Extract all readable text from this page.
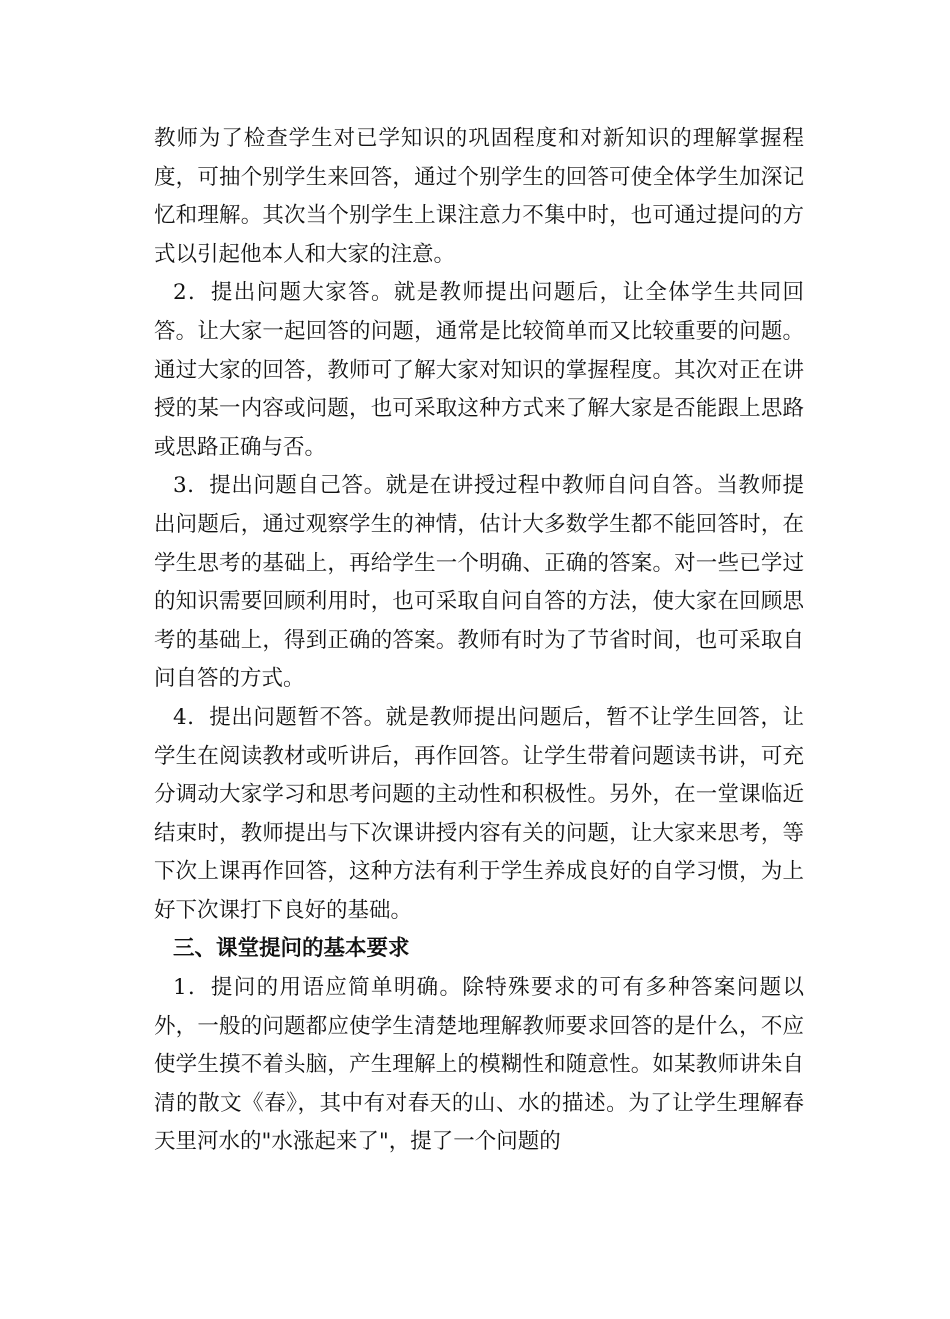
教师为了检查学生对已学知识的巩固程度和对新知识的理解掌握程度，可抽个别学生来回答，通过个别学生的回答可使全体学生加深记忆和理解。其次当个别学生上课注意力不集中时，也可通过提问的方式以引起他本人和大家的注意。

2．提出问题大家答。就是教师提出问题后，让全体学生共同回答。让大家一起回答的问题，通常是比较简单而又比较重要的问题。通过大家的回答，教师可了解大家对知识的掌握程度。其次对正在讲授的某一内容或问题，也可采取这种方式来了解大家是否能跟上思路或思路正确与否。

3．提出问题自己答。就是在讲授过程中教师自问自答。当教师提出问题后，通过观察学生的神情，估计大多数学生都不能回答时，在学生思考的基础上，再给学生一个明确、正确的答案。对一些已学过的知识需要回顾利用时，也可采取自问自答的方法，使大家在回顾思考的基础上，得到正确的答案。教师有时为了节省时间，也可采取自问自答的方式。

4．提出问题暂不答。就是教师提出问题后，暂不让学生回答，让学生在阅读教材或听讲后，再作回答。让学生带着问题读书讲，可充分调动大家学习和思考问题的主动性和积极性。另外，在一堂课临近结束时，教师提出与下次课讲授内容有关的问题，让大家来思考，等下次上课再作回答，这种方法有利于学生养成良好的自学习惯，为上好下次课打下良好的基础。

三、课堂提问的基本要求

1．提问的用语应简单明确。除特殊要求的可有多种答案问题以外，一般的问题都应使学生清楚地理解教师要求回答的是什么，不应使学生摸不着头脑，产生理解上的模糊性和随意性。如某教师讲朱自清的散文《春》，其中有对春天的山、水的描述。为了让学生理解春天里河水的"水涨起来了"，提了一个问题的
